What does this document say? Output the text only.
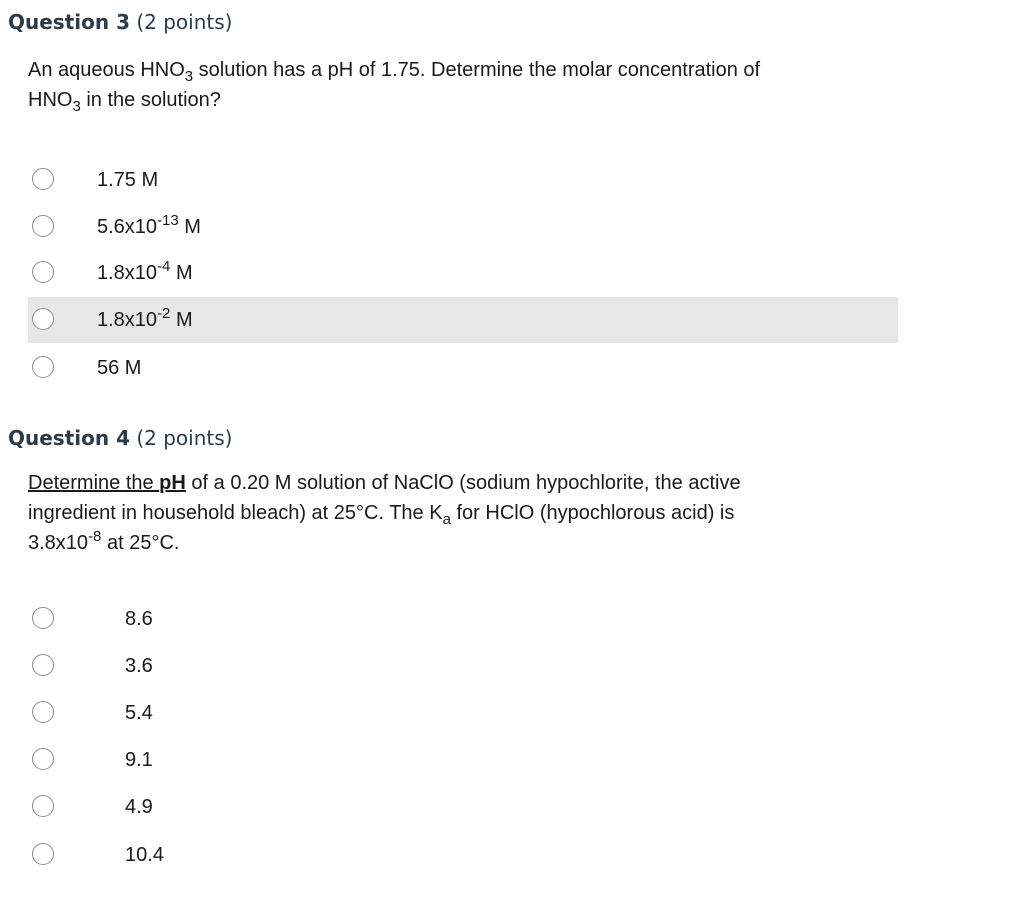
Question 3 (2 points)
An aqueous $HNO_3$ solution has a pH of 1.75. Determine the molar concentration of
$HNO_3$ in the solution?
1.75 M
$5.6x10^{-13}$ M
$1.8x10^{-4}$ M
$1.8x10^{-2}$ M
56 M
Question 4 (2 points)
Determine the pH of a 0.20 M solution of NaClO (sodium hypochlorite, the active
ingredient in household bleach) at 25°C. The $K_a$ for HClO (hypochlorous acid) is
$3.8x10^{-8}$ at 25°C.
8.6
3.6
5.4
9.1
4.9
10.4
